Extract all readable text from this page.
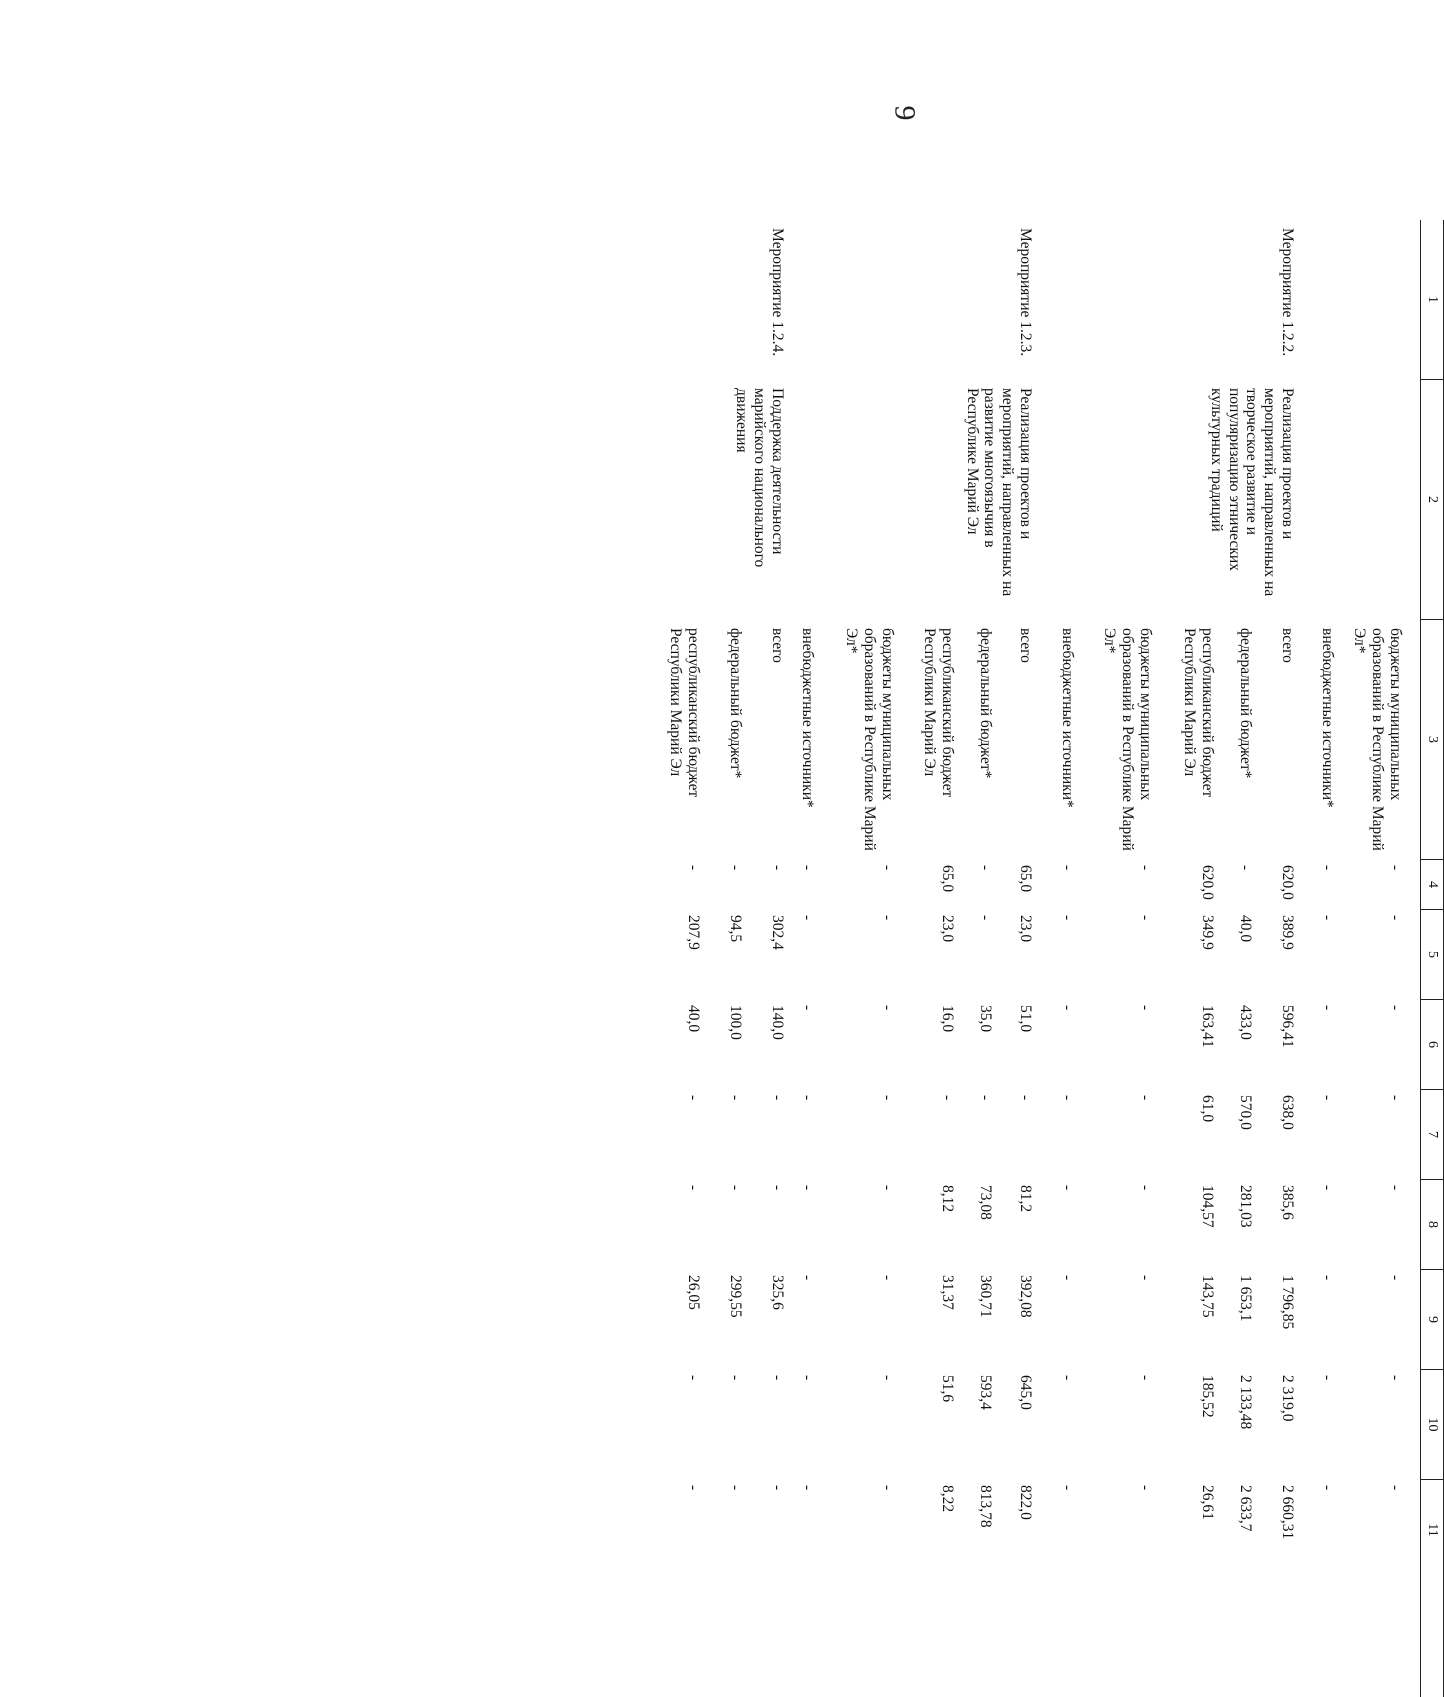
9
1
2
3
4
5
6
7
8
9
10
11
бюджеты муниципальных образований в Республике Марий Эл*
-
-
-
-
-
-
-
-
внебюджетные источники*
-
-
-
-
-
-
-
-
Мероприятие 1.2.2.
Реализация проектов и мероприятий, направленных на творческое развитие и популяризацию этнических культурных традиций
всего
620,0
389,9
596,41
638,0
385,6
1 796,85
2 319,0
2 660,31
федеральный бюджет*
-
40,0
433,0
570,0
281,03
1 653,1
2 133,48
2 633,7
республиканский бюджет Республики Марий Эл
620,0
349,9
163,41
61,0
104,57
143,75
185,52
26,61
бюджеты муниципальных образований в Республике Марий Эл*
-
-
-
-
-
-
-
-
внебюджетные источники*
-
-
-
-
-
-
-
-
Мероприятие 1.2.3.
Реализация проектов и мероприятий, направленных на развитие многоязычия в Республике Марий Эл
всего
65,0
23,0
51,0
-
81,2
392,08
645,0
822,0
федеральный бюджет*
-
-
35,0
-
73,08
360,71
593,4
813,78
республиканский бюджет Республики Марий Эл
65,0
23,0
16,0
-
8,12
31,37
51,6
8,22
бюджеты муниципальных образований в Республике Марий Эл*
-
-
-
-
-
-
-
-
внебюджетные источники*
-
-
-
-
-
-
-
-
Мероприятие 1.2.4.
Поддержка деятельности марийского национального движения
всего
-
302,4
140,0
-
-
325,6
-
-
федеральный бюджет*
-
94,5
100,0
-
-
299,55
-
-
республиканский бюджет Республики Марий Эл
-
207,9
40,0
-
-
26,05
-
-
